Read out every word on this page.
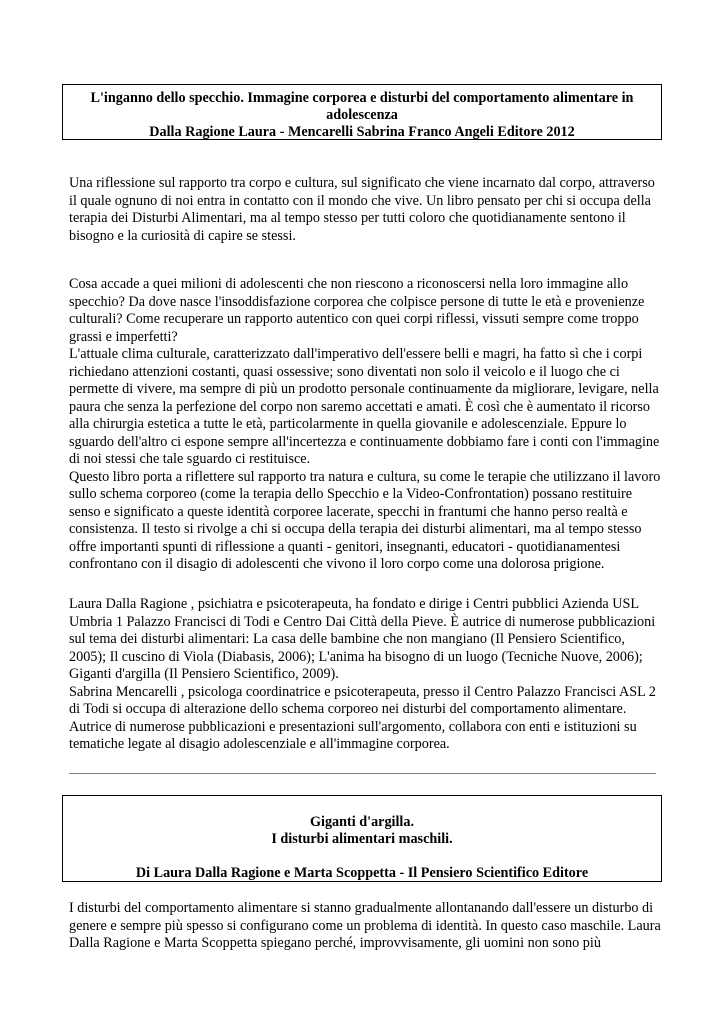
L'inganno dello specchio. Immagine corporea e disturbi del comportamento alimentare in

adolescenza

Dalla Ragione Laura - Mencarelli Sabrina Franco Angeli Editore 2012

Una riflessione sul rapporto tra corpo e cultura, sul significato che viene incarnato dal corpo, attraverso il quale ognuno di noi entra in contatto con il mondo che vive. Un libro pensato per chi si occupa della terapia dei Disturbi Alimentari, ma al tempo stesso per tutti coloro che quotidianamente sentono il bisogno e la curiosità di capire se stessi.

Cosa accade a quei milioni di adolescenti che non riescono a riconoscersi nella loro immagine allo specchio? Da dove nasce l'insoddisfazione corporea che colpisce persone di tutte le età e provenienze culturali? Come recuperare un rapporto autentico con quei corpi riflessi, vissuti sempre come troppo grassi e imperfetti?

L'attuale clima culturale, caratterizzato dall'imperativo dell'essere belli e magri, ha fatto sì che i corpi richiedano attenzioni costanti, quasi ossessive; sono diventati non solo il veicolo e il luogo che ci permette di vivere, ma sempre di più un prodotto personale continuamente da migliorare, levigare, nella paura che senza la perfezione del corpo non saremo accettati e amati. È così che è aumentato il ricorso alla chirurgia estetica a tutte le età, particolarmente in quella giovanile e adolescenziale. Eppure lo sguardo dell'altro ci espone sempre all'incertezza e continuamente dobbiamo fare i conti con l'immagine di noi stessi che tale sguardo ci restituisce.

Questo libro porta a riflettere sul rapporto tra natura e cultura, su come le terapie che utilizzano il lavoro sullo schema corporeo (come la terapia dello Specchio e la Video-Confrontation) possano restituire senso e significato a queste identità corporee lacerate, specchi in frantumi che hanno perso realtà e consistenza. Il testo si rivolge a chi si occupa della terapia dei disturbi alimentari, ma al tempo stesso offre importanti spunti di riflessione a quanti - genitori, insegnanti, educatori - quotidianamentesi confrontano con il disagio di adolescenti che vivono il loro corpo come una dolorosa prigione.

Laura Dalla Ragione , psichiatra e psicoterapeuta, ha fondato e dirige i Centri pubblici Azienda USL Umbria 1 Palazzo Francisci di Todi e Centro Dai Città della Pieve. È autrice di numerose pubblicazioni sul tema dei disturbi alimentari: La casa delle bambine che non mangiano (Il Pensiero Scientifico, 2005); Il cuscino di Viola (Diabasis, 2006); L'anima ha bisogno di un luogo (Tecniche Nuove, 2006); Giganti d'argilla (Il Pensiero Scientifico, 2009).

Sabrina Mencarelli , psicologa coordinatrice e psicoterapeuta, presso il Centro Palazzo Francisci ASL 2 di Todi si occupa di alterazione dello schema corporeo nei disturbi del comportamento alimentare. Autrice di numerose pubblicazioni e presentazioni sull'argomento, collabora con enti e istituzioni su tematiche legate al disagio adolescenziale e all'immagine corporea.

Giganti d'argilla.

I disturbi alimentari maschili.

Di Laura Dalla Ragione e Marta Scoppetta - Il Pensiero Scientifico Editore

I disturbi del comportamento alimentare si stanno gradualmente allontanando dall'essere un disturbo di genere e sempre più spesso si configurano come un problema di identità. In questo caso maschile. Laura Dalla Ragione e Marta Scoppetta spiegano perché, improvvisamente, gli uomini non sono più
